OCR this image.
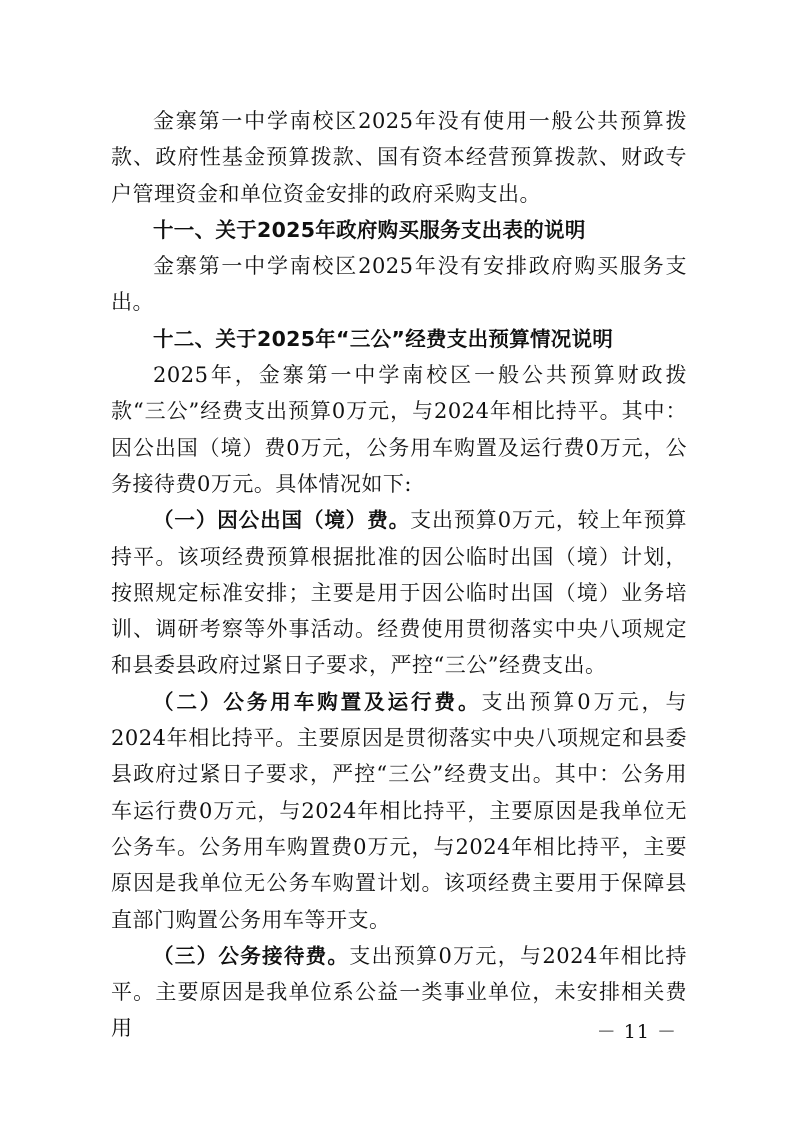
金寨第一中学南校区2025年没有使用一般公共预算拨款、政府性基金预算拨款、国有资本经营预算拨款、财政专户管理资金和单位资金安排的政府采购支出。

十一、关于2025年政府购买服务支出表的说明

金寨第一中学南校区2025年没有安排政府购买服务支出。

十二、关于2025年“三公”经费支出预算情况说明

2025年，金寨第一中学南校区一般公共预算财政拨款“三公”经费支出预算0万元，与2024年相比持平。其中：因公出国（境）费0万元，公务用车购置及运行费0万元，公务接待费0万元。具体情况如下:

（一）因公出国（境）费。支出预算0万元，较上年预算持平。该项经费预算根据批准的因公临时出国（境）计划，按照规定标准安排；主要是用于因公临时出国（境）业务培训、调研考察等外事活动。经费使用贯彻落实中央八项规定和县委县政府过紧日子要求，严控“三公”经费支出。

（二）公务用车购置及运行费。支出预算0万元，与2024年相比持平。主要原因是贯彻落实中央八项规定和县委县政府过紧日子要求，严控“三公”经费支出。其中：公务用车运行费0万元，与2024年相比持平，主要原因是我单位无公务车。公务用车购置费0万元，与2024年相比持平，主要原因是我单位无公务车购置计划。该项经费主要用于保障县直部门购置公务用车等开支。

（三）公务接待费。支出预算0万元，与2024年相比持平。主要原因是我单位系公益一类事业单位，未安排相关费用	－ 11 －
